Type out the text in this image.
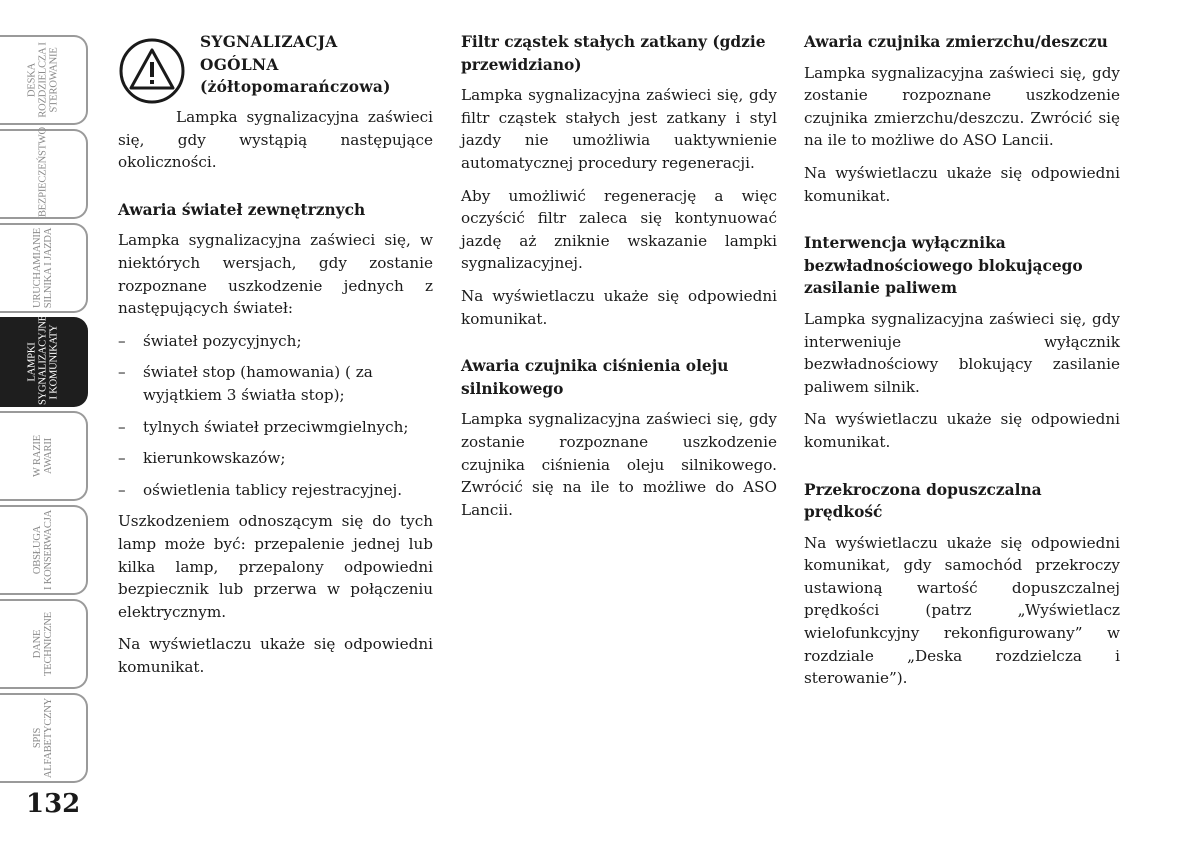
DESKA
ROZDZIELCZA I
STEROWANIE
BEZPIECZEŃSTWO
URUCHAMIANIE
SILNIKA I JAZDA
LAMPKI
SYGNALIZACYJNE
I KOMUNIKATY
W RAZIE
AWARII
OBSŁUGA
I KONSERWACJA
DANE
TECHNICZNE
SPIS
ALFABETYCZNY
132
SYGNALIZACJA
OGÓLNA
(żółtopomarańczowa)

Lampka sygnalizacyjna zaświeci się, gdy wystąpią następujące okoliczności.

Awaria świateł zewnętrznych

Lampka sygnalizacyjna zaświeci się, w niektórych wersjach, gdy zostanie rozpoznane uszkodzenie jednych z następujących świateł:

– świateł pozycyjnych;
– świateł stop (hamowania) ( za wyjątkiem 3 światła stop);
– tylnych świateł przeciwmgielnych;
– kierunkowskazów;
– oświetlenia tablicy rejestracyjnej.

Uszkodzeniem odnoszącym się do tych lamp może być: przepalenie jednej lub kilka lamp, przepalony odpowiedni bezpiecznik lub przerwa w połączeniu elektrycznym.

Na wyświetlaczu ukaże się odpowiedni komunikat.

Filtr cząstek stałych zatkany (gdzie przewidziano)

Lampka sygnalizacyjna zaświeci się, gdy filtr cząstek stałych jest zatkany i styl jazdy nie umożliwia uaktywnienie automatycznej procedury regeneracji.

Aby umożliwić regenerację a więc oczyścić filtr zaleca się kontynuować jazdę aż zniknie wskazanie lampki sygnalizacyjnej.

Na wyświetlaczu ukaże się odpowiedni komunikat.

Awaria czujnika ciśnienia oleju silnikowego

Lampka sygnalizacyjna zaświeci się, gdy zostanie rozpoznane uszkodzenie czujnika ciśnienia oleju silnikowego. Zwrócić się na ile to możliwe do ASO Lancii.

Awaria czujnika zmierzchu/deszczu

Lampka sygnalizacyjna zaświeci się, gdy zostanie rozpoznane uszkodzenie czujnika zmierzchu/deszczu. Zwrócić się na ile to możliwe do ASO Lancii.

Na wyświetlaczu ukaże się odpowiedni komunikat.

Interwencja wyłącznika bezwładnościowego blokującego zasilanie paliwem

Lampka sygnalizacyjna zaświeci się, gdy interweniuje wyłącznik bezwładnościowy blokujący zasilanie paliwem silnik.

Na wyświetlaczu ukaże się odpowiedni komunikat.

Przekroczona dopuszczalna prędkość

Na wyświetlaczu ukaże się odpowiedni komunikat, gdy samochód przekroczy ustawioną wartość dopuszczalnej prędkości (patrz „Wyświetlacz wielofunkcyjny rekonfigurowany” w rozdziale „Deska rozdzielcza i sterowanie”).
